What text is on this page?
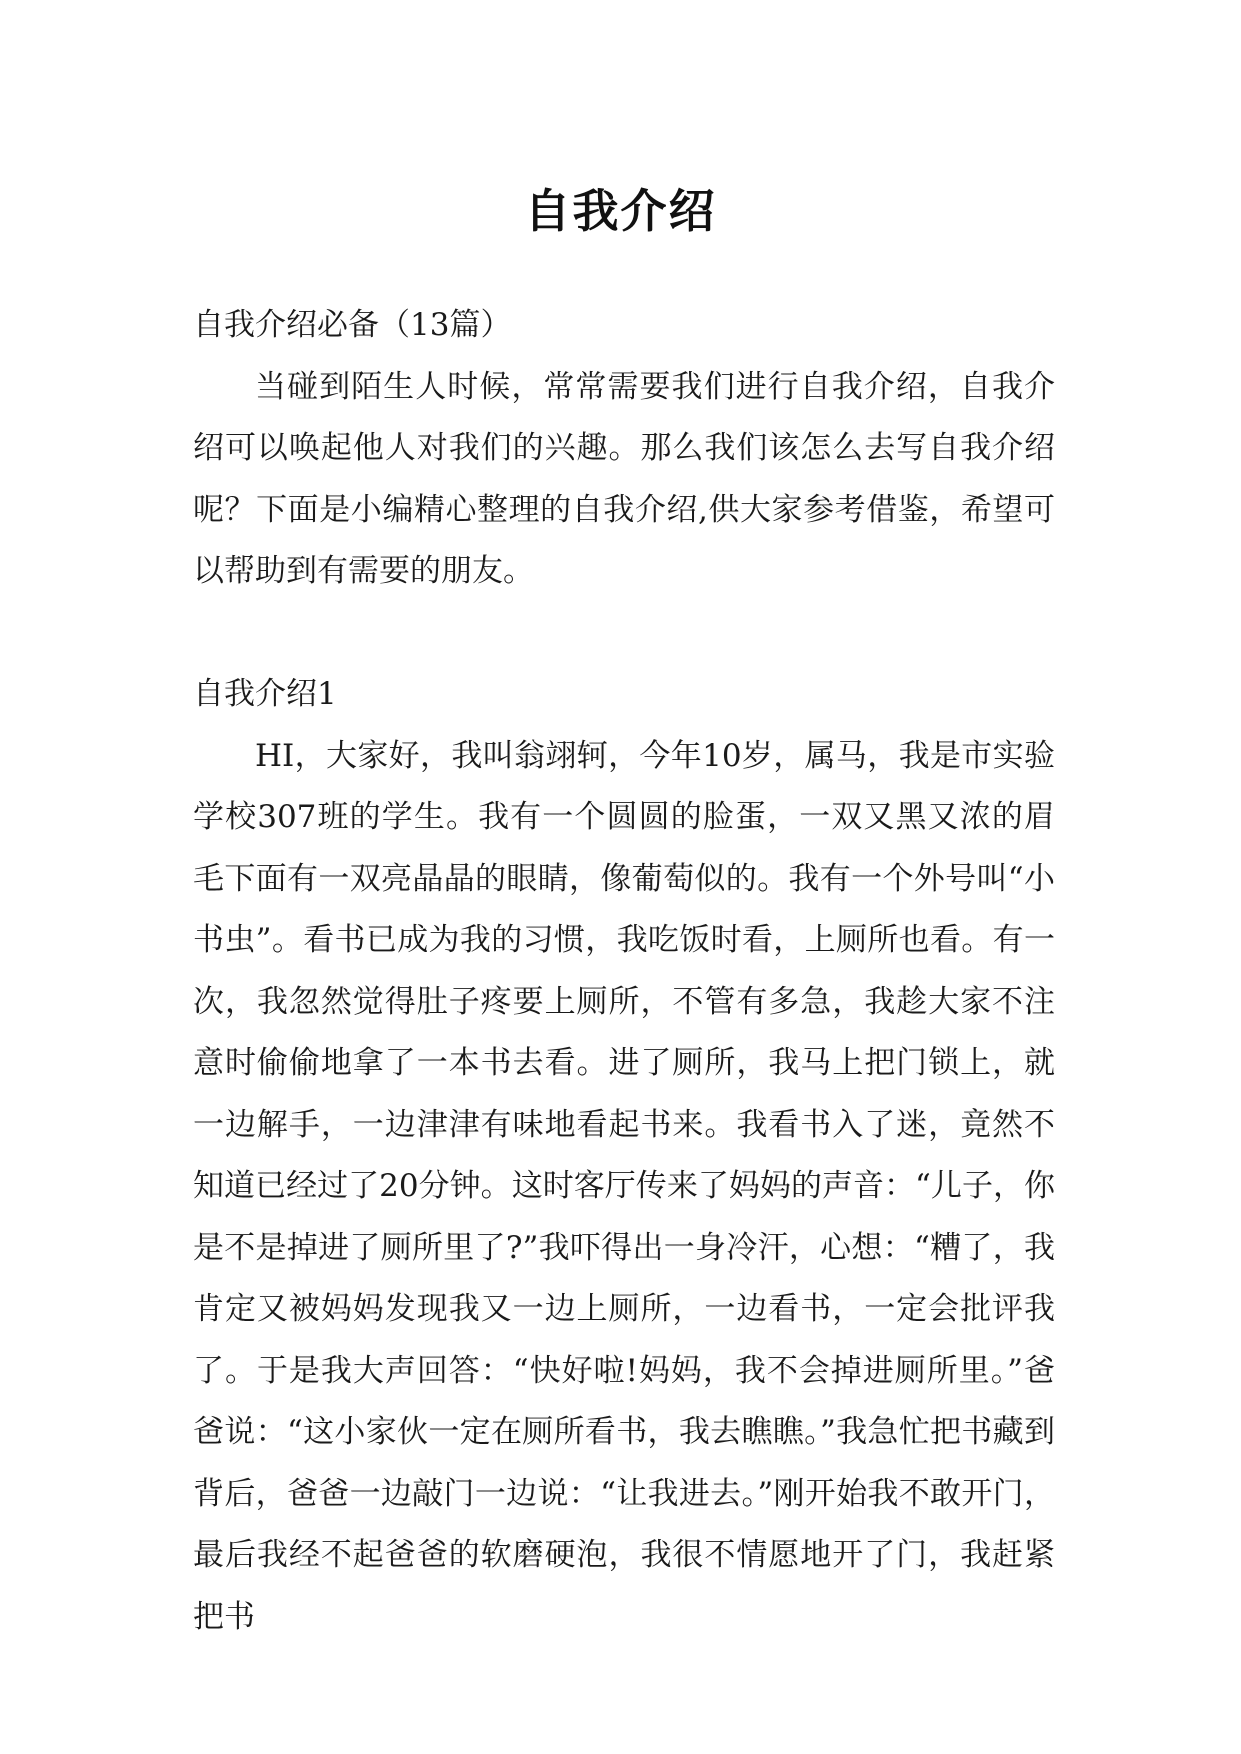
自我介绍

自我介绍必备（13篇）

当碰到陌生人时候，常常需要我们进行自我介绍，自我介绍可以唤起他人对我们的兴趣。那么我们该怎么去写自我介绍呢？下面是小编精心整理的自我介绍,供大家参考借鉴，希望可以帮助到有需要的朋友。

自我介绍1

HI，大家好，我叫翁翊轲，今年10岁，属马，我是市实验学校307班的学生。我有一个圆圆的脸蛋，一双又黑又浓的眉毛下面有一双亮晶晶的眼睛，像葡萄似的。我有一个外号叫“小书虫”。看书已成为我的习惯，我吃饭时看，上厕所也看。有一次，我忽然觉得肚子疼要上厕所，不管有多急，我趁大家不注意时偷偷地拿了一本书去看。进了厕所，我马上把门锁上，就一边解手，一边津津有味地看起书来。我看书入了迷，竟然不知道已经过了20分钟。这时客厅传来了妈妈的声音：“儿子，你是不是掉进了厕所里了?”我吓得出一身冷汗，心想：“糟了，我肯定又被妈妈发现我又一边上厕所，一边看书，一定会批评我了。于是我大声回答：“快好啦!妈妈，我不会掉进厕所里。”爸爸说：“这小家伙一定在厕所看书，我去瞧瞧。”我急忙把书藏到背后，爸爸一边敲门一边说：“让我进去。”刚开始我不敢开门，最后我经不起爸爸的软磨硬泡，我很不情愿地开了门，我赶紧把书
